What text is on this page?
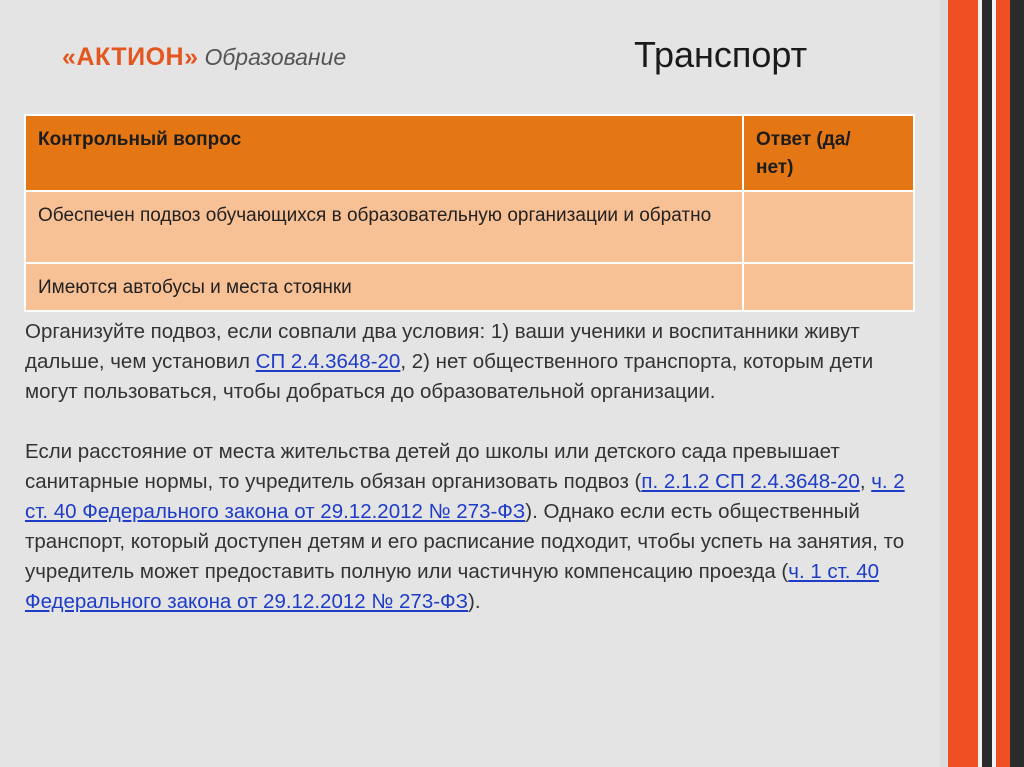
«АКТИОН» Образование	Транспорт
Контрольный вопрос	Ответ (да/нет)

Обеспечен подвоз обучающихся в образовательную организации и обратно	
Имеются автобусы и места стоянки	

Организуйте подвоз, если совпали два условия: 1) ваши ученики и воспитанники живут дальше, чем установил СП 2.4.3648-20, 2) нет общественного транспорта, которым дети могут пользоваться, чтобы добраться до образовательной организации.

Если расстояние от места жительства детей до школы или детского сада превышает санитарные нормы, то учредитель обязан организовать подвоз (п. 2.1.2 СП 2.4.3648-20, ч. 2 ст. 40 Федерального закона от 29.12.2012 № 273-ФЗ). Однако если есть общественный транспорт, который доступен детям и его расписание подходит, чтобы успеть на занятия, то учредитель может предоставить полную или частичную компенсацию проезда (ч. 1 ст. 40 Федерального закона от 29.12.2012 № 273-ФЗ).
